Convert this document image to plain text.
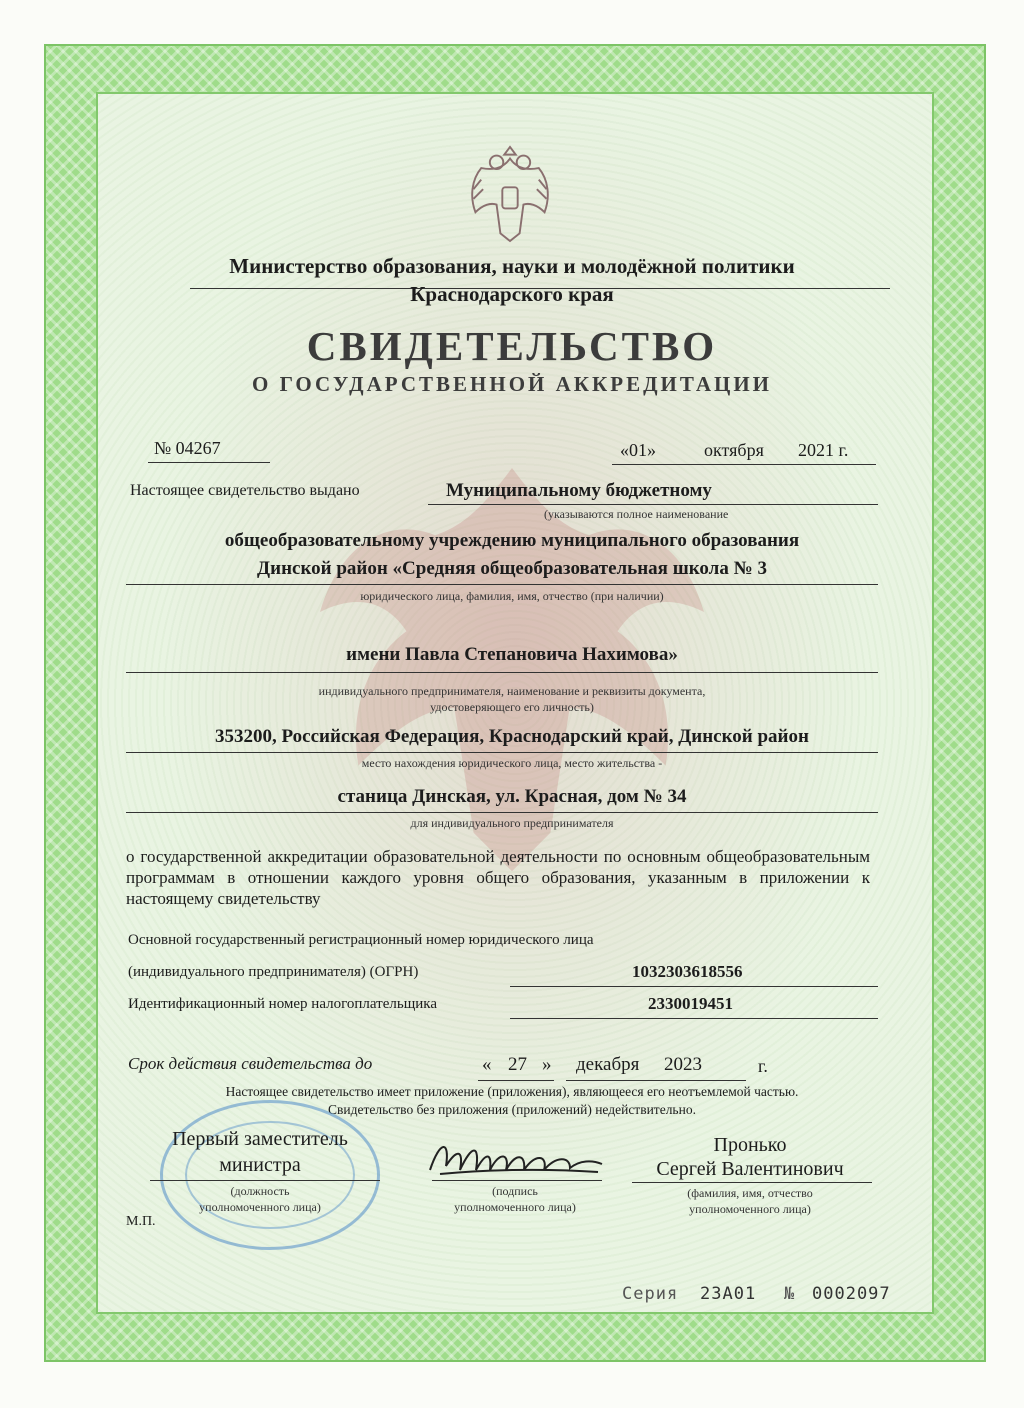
Министерство образования, науки и молодёжной политики
Краснодарского края
СВИДЕТЕЛЬСТВО
О ГОСУДАРСТВЕННОЙ АККРЕДИТАЦИИ
№ 04267	«01»	октября 2021 г.
Настоящее свидетельство выдано	Муниципальному бюджетному
(указываются полное наименование
общеобразовательному учреждению муниципального образования
Динской район «Средняя общеобразовательная школа № 3
юридического лица, фамилия, имя, отчество (при наличии)
имени Павла Степановича Нахимова»
индивидуального предпринимателя, наименование и реквизиты документа,
удостоверяющего его личность)
353200, Российская Федерация, Краснодарский край, Динской район
место нахождения юридического лица, место жительства -
станица Динская, ул. Красная, дом № 34
для индивидуального предпринимателя
о государственной аккредитации образовательной деятельности по основным общеобразовательным программам в отношении каждого уровня общего образования, указанным в приложении к настоящему свидетельству
Основной государственный регистрационный номер юридического лица
(индивидуального предпринимателя) (ОГРН)	1032303618556
Идентификационный номер налогоплательщика	2330019451
Срок действия свидетельства до	« 27 » декабря 2023	г.
Настоящее свидетельство имеет приложение (приложения), являющееся его неотъемлемой частью.
Свидетельство без приложения (приложений) недействительно.
Первый заместитель
министра
(должность
уполномоченного лица)
М.П.
(подпись
уполномоченного лица)
Пронько
Сергей Валентинович
(фамилия, имя, отчество
уполномоченного лица)
Серия 23А01 № 0002097
